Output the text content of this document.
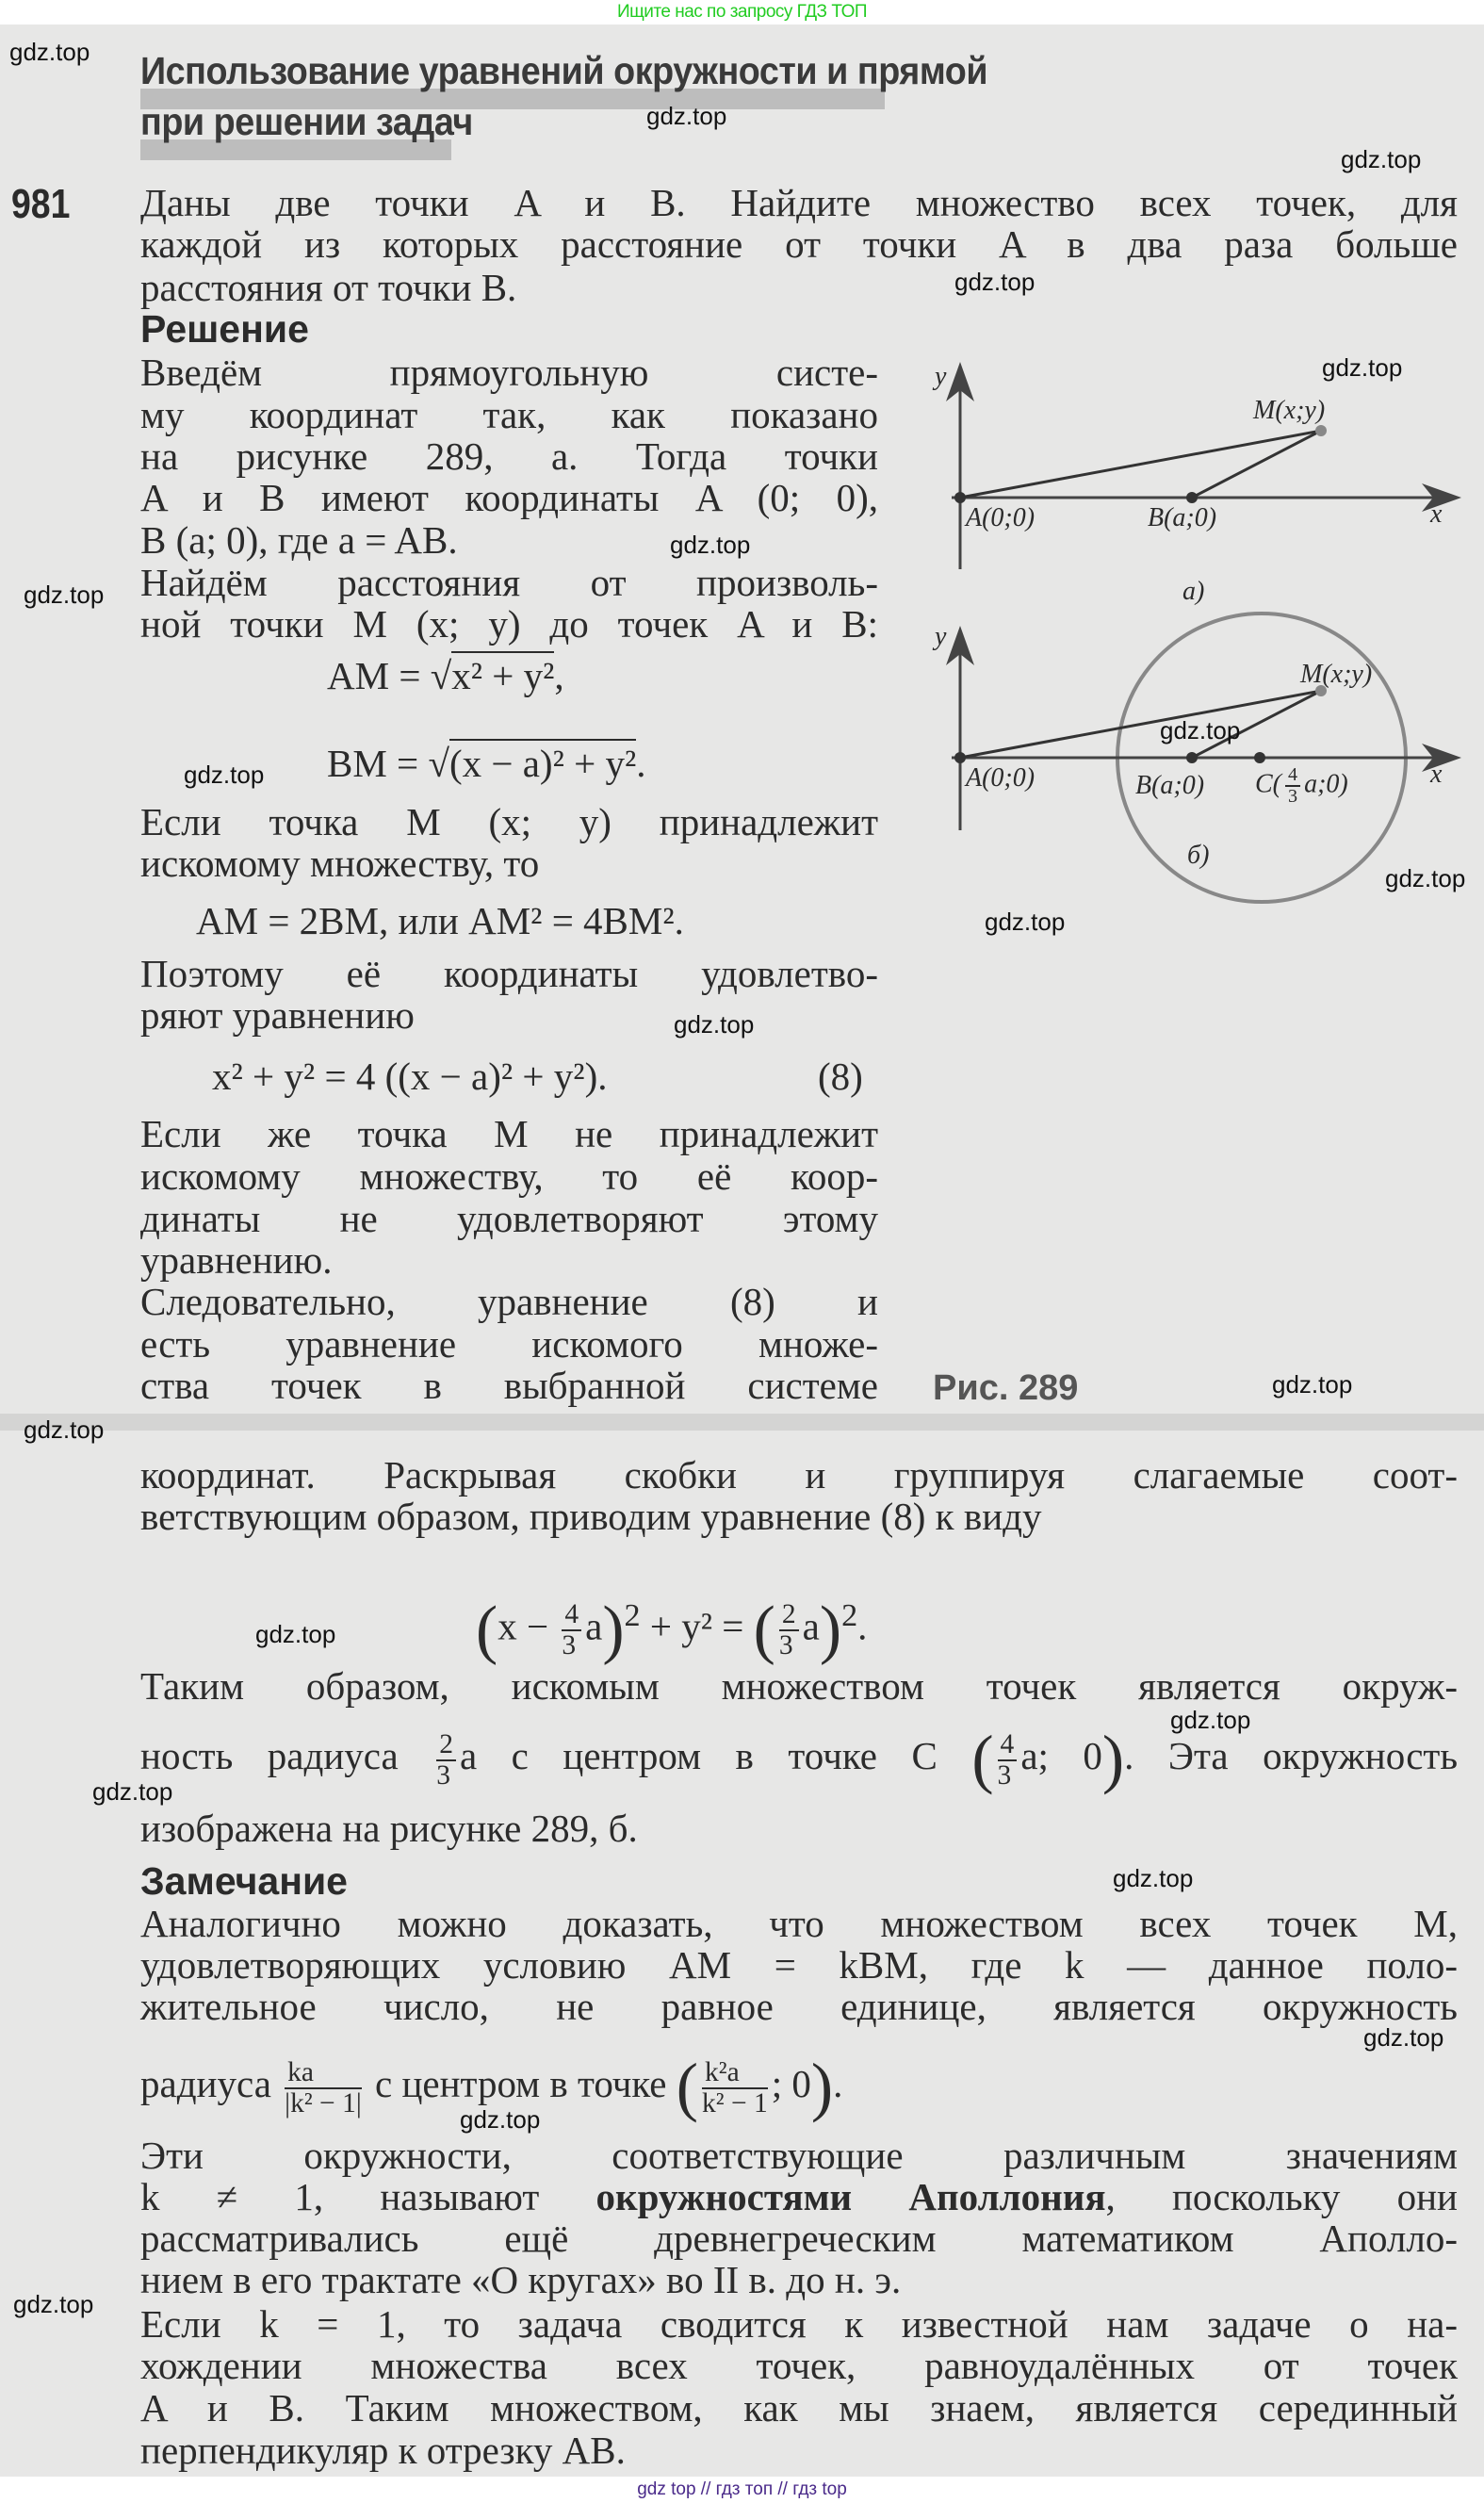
Ищите нас по запросу ГДЗ ТОП
Использование уравнений окружности и прямой
при решении задач
981 Даны две точки A и B. Найдите множество всех точек, для
каждой из которых расстояние от точки A в два раза больше
расстояния от точки B.
Решение
Введём прямоугольную систе-
му координат так, как показано
на рисунке 289, а. Тогда точки
A и B имеют координаты A (0; 0),
B (a; 0), где a = AB.
Найдём расстояния от произволь-
ной точки M (x; y) до точек A и B:
AM = √x² + y²,
BM = √(x − a)² + y².
Если точка M (x; y) принадлежит
искомому множеству, то
AM = 2BM, или AM² = 4BM².
Поэтому её координаты удовлетво-
ряют уравнению
x² + y² = 4 ((x − a)² + y²).	(8)
Если же точка M не принадлежит
искомому множеству, то её коор-
динаты не удовлетворяют этому
уравнению.
Следовательно, уравнение (8) и
есть уравнение искомого множе-
ства точек в выбранной системе
y
x
A(0;0)	B(a;0)
M(x;y)
а)
y
x
A(0;0)	B(a;0) $C( \frac{4}{3}$ a;0)
M(x;y)
б)
Рис. 289
координат. Раскрывая скобки и группируя слагаемые соот-
ветствующим образом, приводим уравнение (8) к виду
$(x - \frac{4}{3} a)^2 + y^2$ = ( $\frac{2}{3} a)^2$.
Таким образом, искомым множеством точек является окруж-
ность радиуса $\frac{2}{3}$ a с центром в точке C ( $\frac{4}{3} a$; 0). Эта окружность
изображена на рисунке 289, б.
Замечание
Аналогично можно доказать, что множеством всех точек M,
удовлетворяющих условию AM = kBM, где k — данное поло-
жительное число, не равное единице, является окружность
радиуса $\frac{ka}{\text{|k² − 1|}}$ с центром в точке ( $\frac{\text{k²a}}{\text{k² − 1}}$ ; 0).
Эти окружности, соответствующие различным значениям
k ≠ 1, называют окружностями Аполлония, поскольку они
рассматривались ещё древнегреческим математиком Аполло-
нием в его трактате «О кругах» во II в. до н. э.
Если k = 1, то задача сводится к известной нам задаче о на-
хождении множества всех точек, равноудалённых от точек
A и B. Таким множеством, как мы знаем, является серединный
перпендикуляр к отрезку AB.
gdz.top
gdz.top
gdz.top
gdz.top
gdz.top
gdz.top
gdz.top
gdz.top
gdz.top
gdz.top
gdz.top
gdz.top
gdz.top
gdz.top
gdz.top
gdz.top
gdz.top
gdz.top
gdz.top
gdz.top
gdz.top
gdz top // гдз топ // гдз top
